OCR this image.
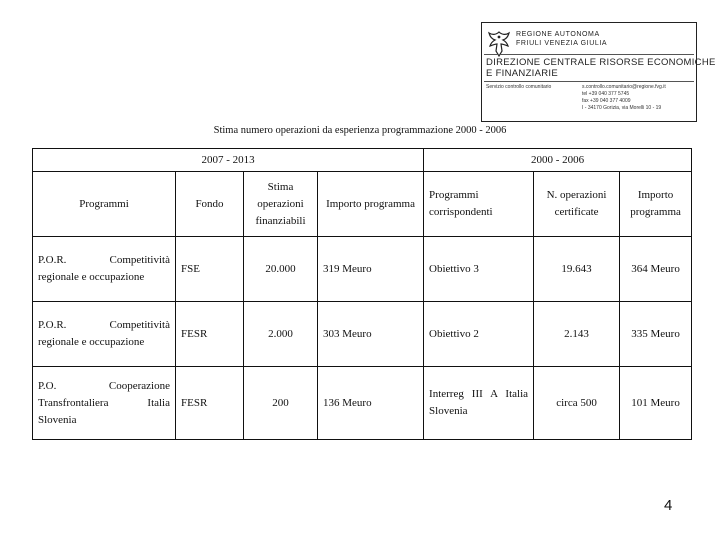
REGIONE AUTONOMA
FRIULI VENEZIA GIULIA
DIREZIONE CENTRALE RISORSE ECONOMICHE
E FINANZIARIE
Servizio controllo comunitario	s.controllo.comunitario@regione.fvg.it
tel +39 040 377 5745
fax +39 040 377 4009
I - 34170 Gorizia, via Morelli 10 - 19
Stima numero operazioni da esperienza programmazione 2000 - 2006
2007 - 2013				2000 - 2006		
Programmi	Fondo	Stima operazioni finanziabili	Importo programma	Programmi corrispondenti	N. operazioni certificate	Importo programma
P.O.R. Competitività regionale e occupazione	FSE	20.000	319 Meuro	Obiettivo 3	19.643	364 Meuro
P.O.R. Competitività regionale e occupazione	FESR	2.000	303 Meuro	Obiettivo 2	2.143	335 Meuro
P.O. Cooperazione Transfrontaliera Italia Slovenia	FESR	200	136 Meuro	Interreg III A Italia Slovenia	circa 500	101 Meuro
4
